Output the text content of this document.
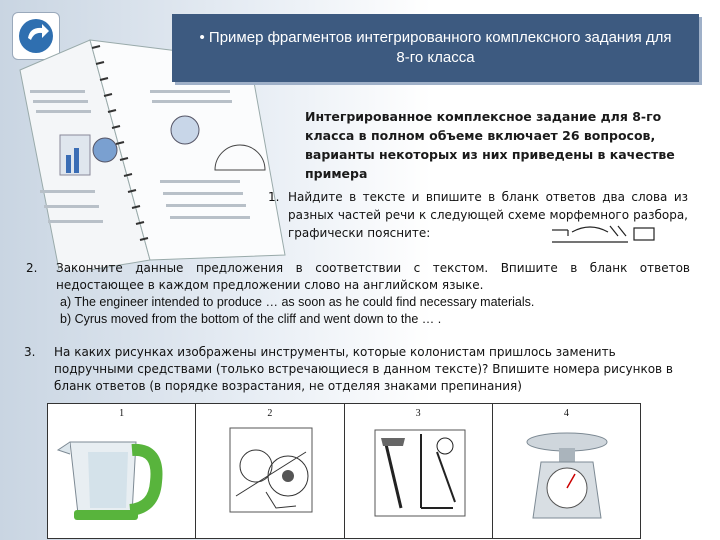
• Пример фрагментов интегрированного комплексного задания для 8-го класса
Интегрированное комплексное задание для 8-го класса в полном объеме включает 26 вопросов, варианты некоторых из них приведены в качестве примера
1. Найдите в тексте и впишите в бланк ответов два слова из разных частей речи к следующей схеме морфемного разбора, графически поясните:
2. Закончите данные предложения в соответствии с текстом. Впишите в бланк ответов недостающее в каждом предложении слово на английском языке.
a) The engineer intended to produce … as soon as he could find necessary materials.
b) Cyrus moved from the bottom of the cliff and went down to the … .
3. На каких рисунках изображены инструменты, которые колонистам пришлось заменить подручными средствами (только встречающиеся в данном тексте)? Впишите номера рисунков в бланк ответов (в порядке возрастания, не отделяя знаками препинания)
1	2	3	4
